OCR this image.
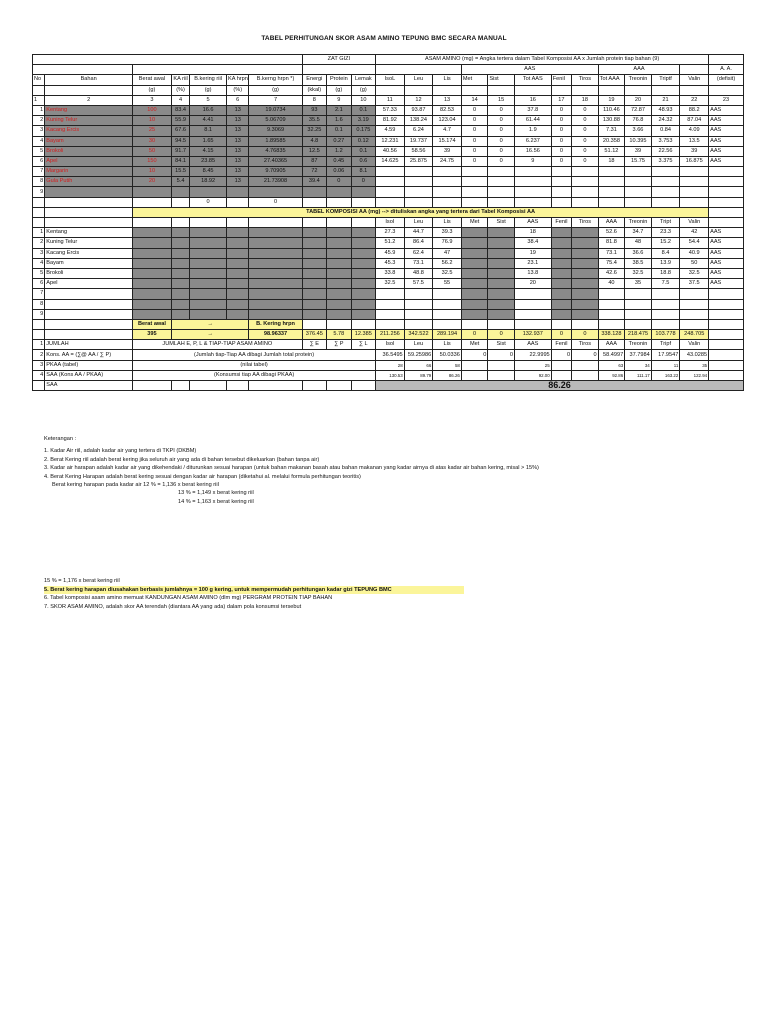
TABEL PERHITUNGAN SKOR ASAM AMINO TEPUNG BMC SECARA MANUAL
							ZAT GIZI			ASAM AMINO (mg) = Angka tertera dalam Tabel Komposisi AA x Jumlah protein tiap bahan (9)												
													AAS					AAA				A. A.
No	Bahan	Berat awal	KA riil	B.kering riil	KA hrpn	B.kerng hrpn *)	Energi	Protein	Lemak	IsoL	Leu	Lis	Met	Sist	Tot AAS	Fenil	Tiros	Tot AAA	Treonin	Triptf	Valin	(defisit)
		(g)	(%)	(g)	(%)	(g)	(kkal)	(g)	(g)													
1	2	3	4	5	6	7	8	9	10	11	12	13	14	15	16	17	18	19	20	21	22	23
1	Kentang	100	83.4	16.6	13	19.0734	93	2.1	0.1	57.33	93.87	82.53	0	0	37.8	0	0	110.46	72.87	48.93	88.2	AAS
2	Kuning Telur	10	55.9	4.41	13	5.06709	35.5	1.6	3.19	81.92	138.24	123.04	0	0	61.44	0	0	130.88	76.8	24.32	87.04	AAS
3	Kacang Ercis	25	67.6	8.1	13	9.3069	32.25	0.1	0.175	4.59	6.24	4.7	0	0	1.9	0	0	7.31	3.66	0.84	4.09	AAS
4	Bayam	30	94.5	1.65	13	1.89585	4.8	0.27	0.12	12.231	19.737	15.174	0	0	6.237	0	0	20.358	10.395	3.753	13.5	AAS
5	Brokoli	50	91.7	4.15	13	4.76835	12.5	1.2	0.1	40.56	58.56	39	0	0	16.56	0	0	51.12	39	22.56	39	AAS
6	Apel	150	84.1	23.85	13	27.40365	87	0.45	0.6	14.625	25.875	24.75	0	0	9	0	0	18	15.75	3.375	16.875	AAS
7	Margarin	10	15.5	8.45	13	9.70905	72	0.06	8.1													
8	Gula Putih	20	5.4	18.92	13	21.73908	39.4	0	0													
9																						
				0		0																
		TABEL KOMPOSISI AA (mg) --> dituliskan angka yang tertera dari Tabel Komposisi AA																				
										IsoI	Leu	Lis	Met	Sist	AAS	Fenil	Tiros	AAA	Treonin	Tript	Valin	
1	Kentang									27.3	44.7	39.3			18			52.6	34.7	23.3	42	AAS
2	Kuning Telur									51.2	86.4	76.9			38.4			81.8	48	15.2	54.4	AAS
3	Kacang Ercis									45.9	62.4	47			19			73.1	36.6	8.4	40.9	AAS
4	Bayam									45.3	73.1	56.2			23.1			75.4	38.5	13.9	50	AAS
5	Brokoli									33.8	48.8	32.5			13.8			42.6	32.5	18.8	32.5	AAS
6	Apel									32.5	57.5	55			20			40	35	7.5	37.5	AAS
7																						
8																						
9																						
		Berat awal	→			B. Kering hrpn																
		395	→			98.96337	376.45	5.78	12.385	211.256	342.522	289.194	0	0	132.937	0	0	338.128	218.475	103.778	248.705	
1	JUMLAH	JUMLAH E, P, L & TIAP-TIAP ASAM AMINO					∑ E	∑ P	∑ L	Isol	Leu	Lis	Met	Sist	AAS	Fenil	Tiros	AAA	Treonin	Tripf	Valin	
2	Kons. AA = (∑@ AA / ∑ P)	(Jumlah tiap-Tiap AA dibagi Jumlah total protein)								36.5495	59.25986	50.0336	0	0	22.9995	0	0	58.4997	37.7984	17.9547	43.0285	
3	PKAA (tabel)	(nilai tabel)								28	66	58			25			63	34	11	35	
4	SAA (Kons AA / PKAA)	(Konsumsi tiap AA dibagi PKAA)								130.53	89.79	86.26			92.00			92.86	111.17	163.22	122.94	
	SAA									86.26												
Keterangan :
1. Kadar Air riil, adalah kadar air yang tertera di TKPI (DKBM)
2. Berat Kering riil adalah berat kering jika seluruh air yang ada di bahan tersebut dikeluarkan (bahan tanpa air)
3. Kadar air harapan adalah kadar air yang dikehendaki / diturunkan sesuai harapan (untuk bahan makanan basah atau bahan makanan yang kadar airnya di atas kadar air bahan kering, misal > 15%)
4. Berat Kering Harapan adalah berat kering sesuai dengan kadar air harapan (diketahui al. melalui formula perhitungan teoritis)
Berat kering harapan pada kadar air 12 % = 1,136 x berat kering riil
13 % = 1,149 x berat kering riil
14 % = 1,163 x berat kering riil
15 % = 1,176 x berat kering riil
5. Berat kering harapan diusahakan berbasis jumlahnya = 100 g kering, untuk mempermudah perhitungan kadar gizi TEPUNG BMC
6. Tabel komposisi asam amino memuat KANDUNGAN ASAM AMINO (dlm mg) PERGRAM PROTEIN TIAP BAHAN
7. SKOR ASAM AMINO, adalah skor AA terendah (diantara AA yang ada) dalam pola konsumsi tersebut
